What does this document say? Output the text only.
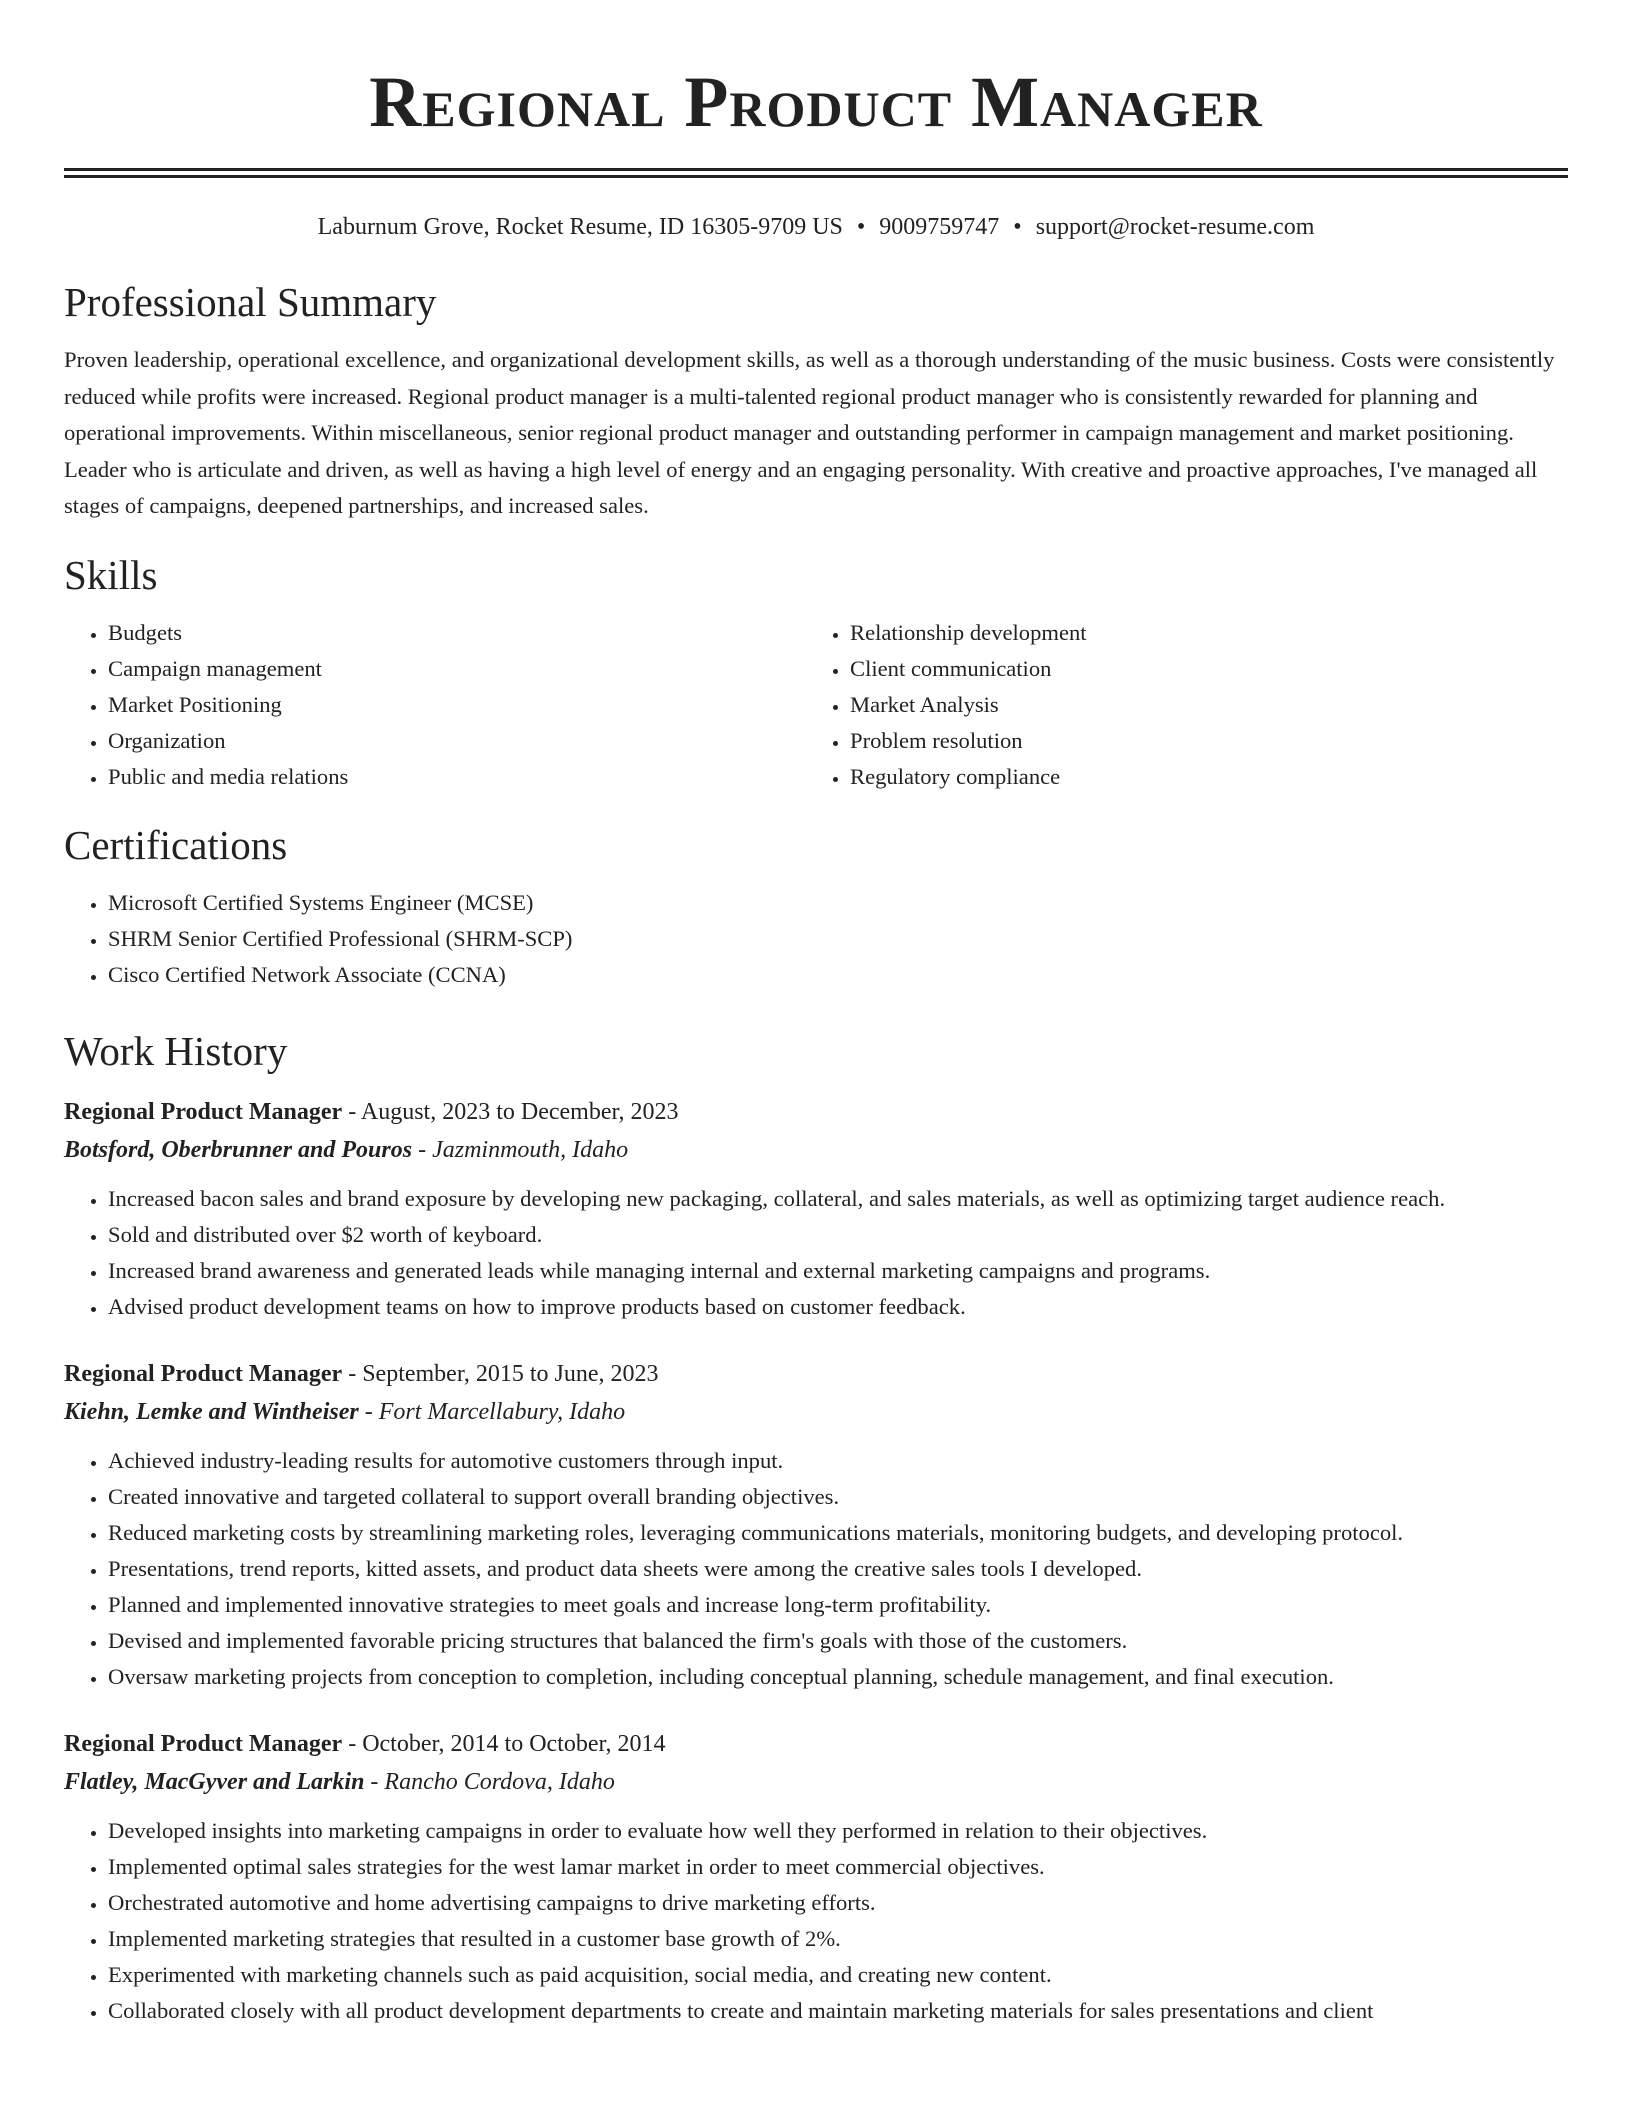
Regional Product Manager
Laburnum Grove, Rocket Resume, ID 16305-9709 US • 9009759747 • support@rocket-resume.com
Professional Summary
Proven leadership, operational excellence, and organizational development skills, as well as a thorough understanding of the music business. Costs were consistently reduced while profits were increased. Regional product manager is a multi-talented regional product manager who is consistently rewarded for planning and operational improvements. Within miscellaneous, senior regional product manager and outstanding performer in campaign management and market positioning. Leader who is articulate and driven, as well as having a high level of energy and an engaging personality. With creative and proactive approaches, I've managed all stages of campaigns, deepened partnerships, and increased sales.
Skills
• Budgets
• Campaign management
• Market Positioning
• Organization
• Public and media relations
• Relationship development
• Client communication
• Market Analysis
• Problem resolution
• Regulatory compliance
Certifications
• Microsoft Certified Systems Engineer (MCSE)
• SHRM Senior Certified Professional (SHRM-SCP)
• Cisco Certified Network Associate (CCNA)
Work History
Regional Product Manager - August, 2023 to December, 2023
Botsford, Oberbrunner and Pouros - Jazminmouth, Idaho
• Increased bacon sales and brand exposure by developing new packaging, collateral, and sales materials, as well as optimizing target audience reach.
• Sold and distributed over $2 worth of keyboard.
• Increased brand awareness and generated leads while managing internal and external marketing campaigns and programs.
• Advised product development teams on how to improve products based on customer feedback.
Regional Product Manager - September, 2015 to June, 2023
Kiehn, Lemke and Wintheiser - Fort Marcellabury, Idaho
• Achieved industry-leading results for automotive customers through input.
• Created innovative and targeted collateral to support overall branding objectives.
• Reduced marketing costs by streamlining marketing roles, leveraging communications materials, monitoring budgets, and developing protocol.
• Presentations, trend reports, kitted assets, and product data sheets were among the creative sales tools I developed.
• Planned and implemented innovative strategies to meet goals and increase long-term profitability.
• Devised and implemented favorable pricing structures that balanced the firm's goals with those of the customers.
• Oversaw marketing projects from conception to completion, including conceptual planning, schedule management, and final execution.
Regional Product Manager - October, 2014 to October, 2014
Flatley, MacGyver and Larkin - Rancho Cordova, Idaho
• Developed insights into marketing campaigns in order to evaluate how well they performed in relation to their objectives.
• Implemented optimal sales strategies for the west lamar market in order to meet commercial objectives.
• Orchestrated automotive and home advertising campaigns to drive marketing efforts.
• Implemented marketing strategies that resulted in a customer base growth of 2%.
• Experimented with marketing channels such as paid acquisition, social media, and creating new content.
• Collaborated closely with all product development departments to create and maintain marketing materials for sales presentations and client
